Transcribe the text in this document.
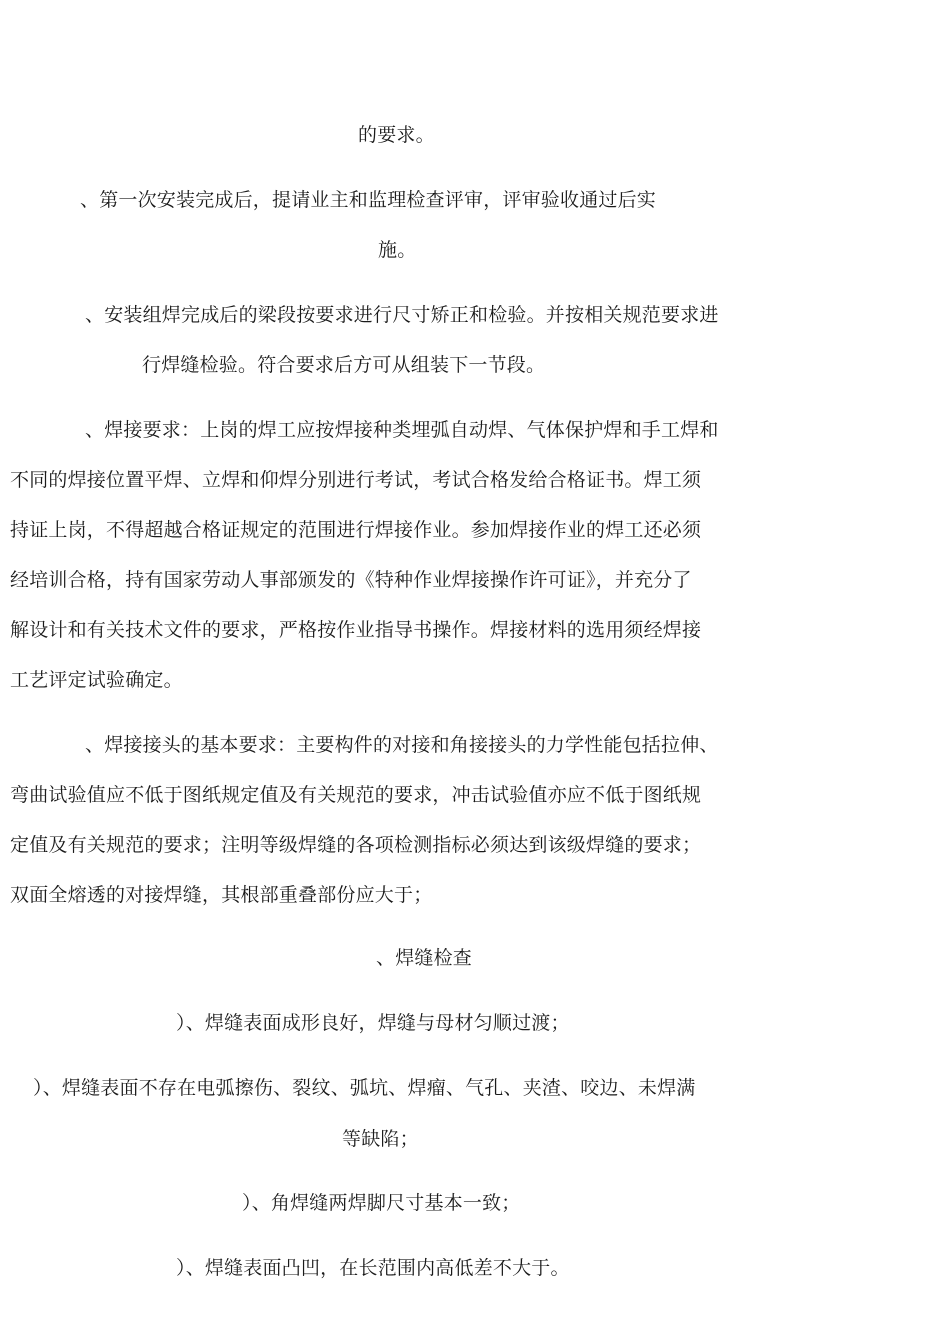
的要求。
、第一次安装完成后，提请业主和监理检查评审，评审验收通过后实
施。
、安装组焊完成后的梁段按要求进行尺寸矫正和检验。并按相关规范要求进
行焊缝检验。符合要求后方可从组装下一节段。
、焊接要求：上岗的焊工应按焊接种类埋弧自动焊、气体保护焊和手工焊和
不同的焊接位置平焊、立焊和仰焊分别进行考试，考试合格发给合格证书。焊工须
持证上岗，不得超越合格证规定的范围进行焊接作业。参加焊接作业的焊工还必须
经培训合格，持有国家劳动人事部颁发的《特种作业焊接操作许可证》，并充分了
解设计和有关技术文件的要求，严格按作业指导书操作。焊接材料的选用须经焊接
工艺评定试验确定。
、焊接接头的基本要求：主要构件的对接和角接接头的力学性能包括拉伸、
弯曲试验值应不低于图纸规定值及有关规范的要求，冲击试验值亦应不低于图纸规
定值及有关规范的要求；注明等级焊缝的各项检测指标必须达到该级焊缝的要求；
双面全熔透的对接焊缝，其根部重叠部份应大于；
、焊缝检查
）、焊缝表面成形良好，焊缝与母材匀顺过渡；
）、焊缝表面不存在电弧擦伤、裂纹、弧坑、焊瘤、气孔、夹渣、咬边、未焊满
等缺陷；
）、角焊缝两焊脚尺寸基本一致；
）、焊缝表面凸凹，在长范围内高低差不大于。
